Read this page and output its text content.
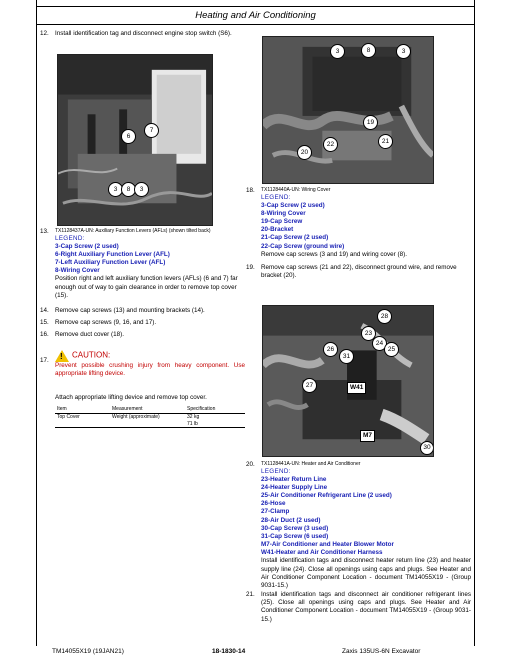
Heating and Air Conditioning
12. Install identification tag and disconnect engine stop switch (S6).
6
7
3	8	3
13. TX1128437A-UN: Auxiliary Function Levers (AFLs) (shown tilted back)
LEGEND:
3-Cap Screw (2 used)
6-Right Auxiliary Function Lever (AFL)
7-Left Auxiliary Function Lever (AFL)
8-Wiring Cover
Position right and left auxiliary function levers (AFLs) (6 and 7) far enough out of way to gain clearance in order to remove top cover (15).
14. Remove cap screws (13) and mounting brackets (14).
15. Remove cap screws (9, 16, and 17).
16. Remove duct cover (18).
17. ! CAUTION:
Prevent possible crushing injury from heavy component. Use appropriate lifting device.
Attach appropriate lifting device and remove top cover.
Item	Measurement	Specification
Top Cover	Weight (approximate)	32 kg
71 lb
3	8	3
19
20
22	21
18. TX1128440A-UN: Wiring Cover
LEGEND:
3-Cap Screw (2 used)
8-Wiring Cover
19-Cap Screw
20-Bracket
21-Cap Screw (2 used)
22-Cap Screw (ground wire)
Remove cap screws (3 and 19) and wiring cover (8).
19. Remove cap screws (21 and 22), disconnect ground wire, and remove bracket (20).
28
23
24
25
26
31
27
30
W41
M7
20. TX1128441A-UN: Heater and Air Conditioner
LEGEND:
23-Heater Return Line
24-Heater Supply Line
25-Air Conditioner Refrigerant Line (2 used)
26-Hose
27-Clamp
28-Air Duct (2 used)
30-Cap Screw (3 used)
31-Cap Screw (6 used)
M7-Air Conditioner and Heater Blower Motor
W41-Heater and Air Conditioner Harness
Install identification tags and disconnect heater return line (23) and heater supply line (24). Close all openings using caps and plugs. See Heater and Air Conditioner Component Location - document TM14055X19 - (Group 9031-15.)
21. Install identification tags and disconnect air conditioner refrigerant lines (25). Close all openings using caps and plugs. See Heater and Air Conditioner Component Location - document TM14055X19 - (Group 9031-15.)
TM14055X19 (19JAN21)	18-1830-14	Zaxis 135US-6N Excavator
